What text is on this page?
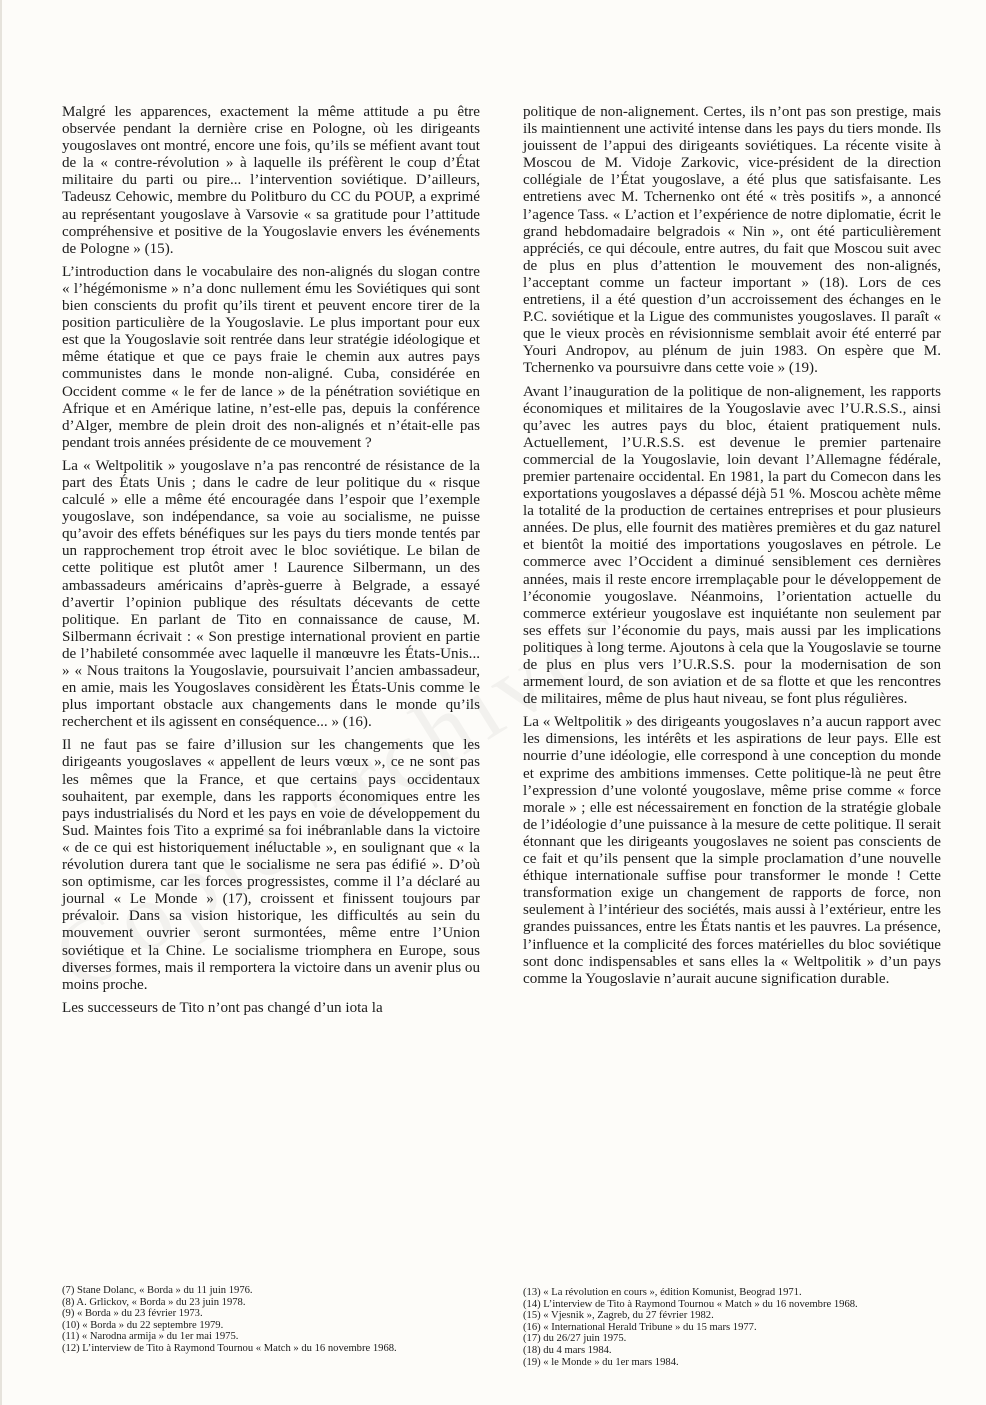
Malgré les apparences, exactement la même attitude a pu être observée pendant la dernière crise en Pologne, où les dirigeants yougoslaves ont montré, encore une fois, qu’ils se méfient avant tout de la « contre-révolution » à laquelle ils préfèrent le coup d’État militaire du parti ou pire... l’intervention soviétique. D’ailleurs, Tadeusz Cehowic, membre du Politburo du CC du POUP, a exprimé au représentant yougoslave à Varsovie « sa gratitude pour l’attitude compréhensive et positive de la Yougoslavie envers les événements de Pologne » (15).

L’introduction dans le vocabulaire des non-alignés du slogan contre « l’hégémonisme » n’a donc nullement ému les Soviétiques qui sont bien conscients du profit qu’ils tirent et peuvent encore tirer de la position particulière de la Yougoslavie. Le plus important pour eux est que la Yougoslavie soit rentrée dans leur stratégie idéologique et même étatique et que ce pays fraie le chemin aux autres pays communistes dans le monde non-aligné. Cuba, considérée en Occident comme « le fer de lance » de la pénétration soviétique en Afrique et en Amérique latine, n’est-elle pas, depuis la conférence d’Alger, membre de plein droit des non-alignés et n’était-elle pas pendant trois années présidente de ce mouvement ?

La « Weltpolitik » yougoslave n’a pas rencontré de résistance de la part des États Unis ; dans le cadre de leur politique du « risque calculé » elle a même été encouragée dans l’espoir que l’exemple yougoslave, son indépendance, sa voie au socialisme, ne puisse qu’avoir des effets bénéfiques sur les pays du tiers monde tentés par un rapprochement trop étroit avec le bloc soviétique. Le bilan de cette politique est plutôt amer ! Laurence Silbermann, un des ambassadeurs américains d’après-guerre à Belgrade, a essayé d’avertir l’opinion publique des résultats décevants de cette politique. En parlant de Tito en connaissance de cause, M. Silbermann écrivait : « Son prestige international provient en partie de l’habileté consommée avec laquelle il manœuvre les États-Unis... » « Nous traitons la Yougoslavie, poursuivait l’ancien ambassadeur, en amie, mais les Yougoslaves considèrent les États-Unis comme le plus important obstacle aux changements dans le monde qu’ils recherchent et ils agissent en conséquence... » (16).

Il ne faut pas se faire d’illusion sur les changements que les dirigeants yougoslaves « appellent de leurs vœux », ce ne sont pas les mêmes que la France, et que certains pays occidentaux souhaitent, par exemple, dans les rapports économiques entre les pays industrialisés du Nord et les pays en voie de développement du Sud. Maintes fois Tito a exprimé sa foi inébranlable dans la victoire « de ce qui est historiquement inéluctable », en soulignant que « la révolution durera tant que le socialisme ne sera pas édifié ». D’où son optimisme, car les forces progressistes, comme il l’a déclaré au journal « Le Monde » (17), croissent et finissent toujours par prévaloir. Dans sa vision historique, les difficultés au sein du mouvement ouvrier seront surmontées, même entre l’Union soviétique et la Chine. Le socialisme triomphera en Europe, sous diverses formes, mais il remportera la victoire dans un avenir plus ou moins proche.

Les successeurs de Tito n’ont pas changé d’un iota la

politique de non-alignement. Certes, ils n’ont pas son prestige, mais ils maintiennent une activité intense dans les pays du tiers monde. Ils jouissent de l’appui des dirigeants soviétiques. La récente visite à Moscou de M. Vidoje Zarkovic, vice-président de la direction collégiale de l’État yougoslave, a été plus que satisfaisante. Les entretiens avec M. Tchernenko ont été « très positifs », a annoncé l’agence Tass. « L’action et l’expérience de notre diplomatie, écrit le grand hebdomadaire belgradois « Nin », ont été particulièrement appréciés, ce qui découle, entre autres, du fait que Moscou suit avec de plus en plus d’attention le mouvement des non-alignés, l’acceptant comme un facteur important » (18). Lors de ces entretiens, il a été question d’un accroissement des échanges en le P.C. soviétique et la Ligue des communistes yougoslaves. Il paraît « que le vieux procès en révisionnisme semblait avoir été enterré par Youri Andropov, au plénum de juin 1983. On espère que M. Tchernenko va poursuivre dans cette voie » (19).

Avant l’inauguration de la politique de non-alignement, les rapports économiques et militaires de la Yougoslavie avec l’U.R.S.S., ainsi qu’avec les autres pays du bloc, étaient pratiquement nuls. Actuellement, l’U.R.S.S. est devenue le premier partenaire commercial de la Yougoslavie, loin devant l’Allemagne fédérale, premier partenaire occidental. En 1981, la part du Comecon dans les exportations yougoslaves a dépassé déjà 51 %. Moscou achète même la totalité de la production de certaines entreprises et pour plusieurs années. De plus, elle fournit des matières premières et du gaz naturel et bientôt la moitié des importations yougoslaves en pétrole. Le commerce avec l’Occident a diminué sensiblement ces dernières années, mais il reste encore irremplaçable pour le développement de l’économie yougoslave. Néanmoins, l’orientation actuelle du commerce extérieur yougoslave est inquiétante non seulement par ses effets sur l’économie du pays, mais aussi par les implications politiques à long terme. Ajoutons à cela que la Yougoslavie se tourne de plus en plus vers l’U.R.S.S. pour la modernisation de son armement lourd, de son aviation et de sa flotte et que les rencontres de militaires, même de plus haut niveau, se font plus régulières.

La « Weltpolitik » des dirigeants yougoslaves n’a aucun rapport avec les dimensions, les intérêts et les aspirations de leur pays. Elle est nourrie d’une idéologie, elle correspond à une conception du monde et exprime des ambitions immenses. Cette politique-là ne peut être l’expression d’une volonté yougoslave, même prise comme « force morale » ; elle est nécessairement en fonction de la stratégie globale de l’idéologie d’une puissance à la mesure de cette politique. Il serait étonnant que les dirigeants yougoslaves ne soient pas conscients de ce fait et qu’ils pensent que la simple proclamation d’une nouvelle éthique internationale suffise pour transformer le monde ! Cette transformation exige un changement de rapports de force, non seulement à l’intérieur des sociétés, mais aussi à l’extérieur, entre les grandes puissances, entre les États nantis et les pauvres. La présence, l’influence et la complicité des forces matérielles du bloc soviétique sont donc indispensables et sans elles la « Weltpolitik » d’un pays comme la Yougoslavie n’aurait aucune signification durable.

(7) Stane Dolanc, « Borda » du 11 juin 1976.

(8) A. Grlickov, « Borda » du 23 juin 1978.

(9) « Borda » du 23 février 1973.

(10) « Borda » du 22 septembre 1979.

(11) « Narodna armija » du 1er mai 1975.

(12) L’interview de Tito à Raymond Tournou « Match » du 16 novembre 1968.

(13) « La révolution en cours », édition Komunist, Beograd 1971.

(14) L’interview de Tito à Raymond Tournou « Match » du 16 novembre 1968.

(15) « Vjesnik », Zagreb, du 27 février 1982.

(16) « International Herald Tribune » du 15 mars 1977.

(17) du 26/27 juin 1975.

(18) du 4 mars 1984.

(19) « le Monde » du 1er mars 1984.
